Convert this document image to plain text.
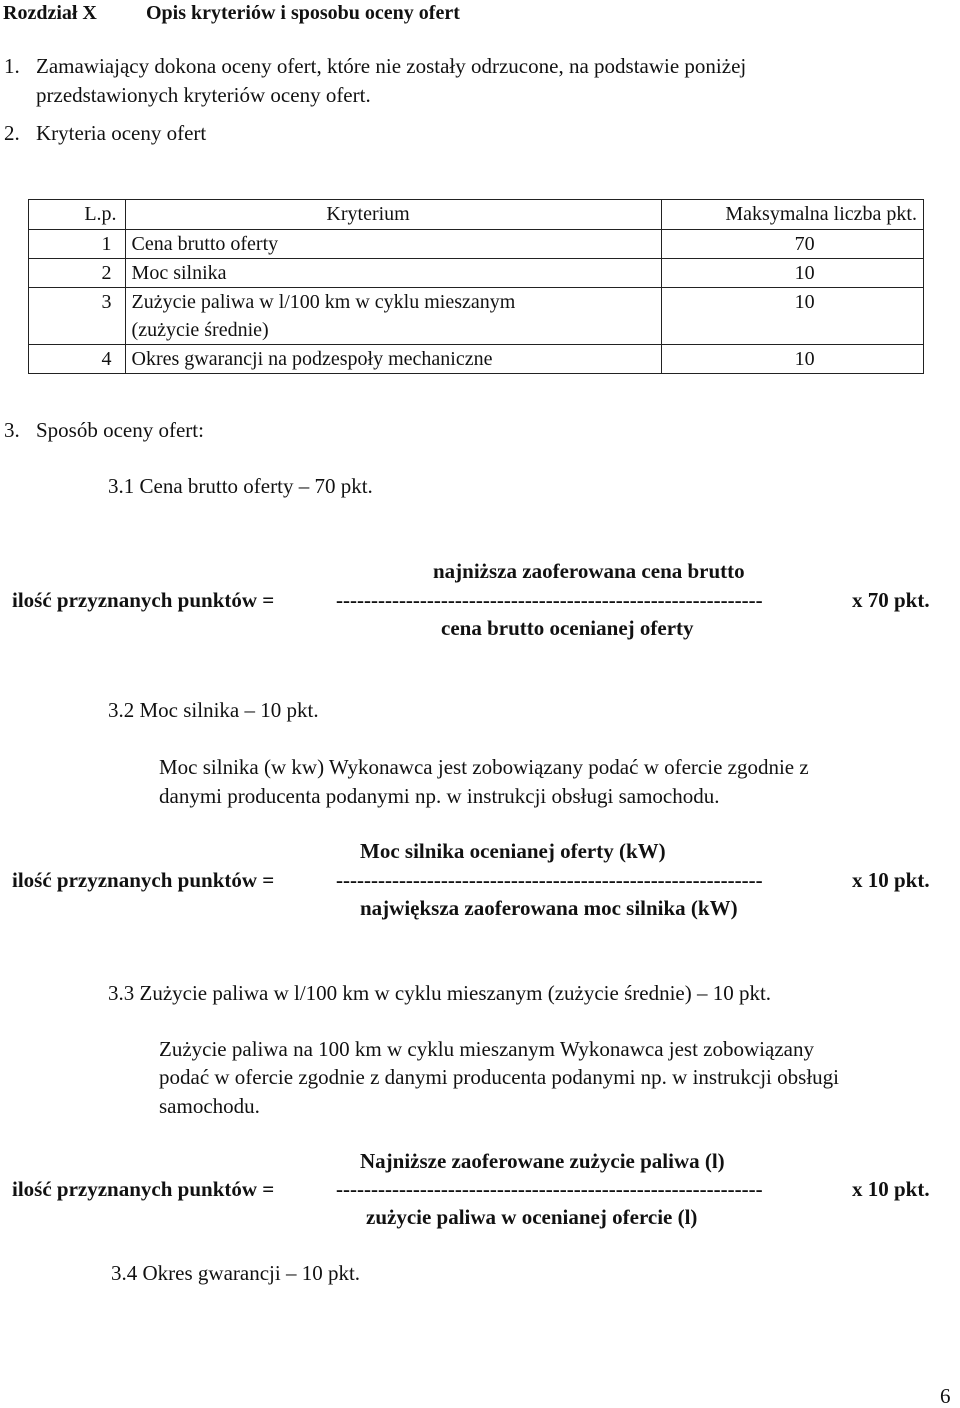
Rozdział X Opis kryteriów i sposobu oceny ofert
1. Zamawiający dokona oceny ofert, które nie zostały odrzucone, na podstawie poniżej
przedstawionych kryteriów oceny ofert.
2. Kryteria oceny ofert
L.p.	Kryterium	Maksymalna liczba pkt.
1	Cena brutto oferty	70
2	Moc silnika	10
3	Zużycie paliwa w l/100 km w cyklu mieszanym
(zużycie średnie)	10
4	Okres gwarancji na podzespoły mechaniczne	10
3. Sposób oceny ofert:
3.1 Cena brutto oferty – 70 pkt.
najniższa zaoferowana cena brutto
ilość przyznanych punktów =	-------------------------------------------------------------	x 70 pkt.
cena brutto ocenianej oferty
3.2 Moc silnika – 10 pkt.
Moc silnika (w kw) Wykonawca jest zobowiązany podać w ofercie zgodnie z
danymi producenta podanymi np. w instrukcji obsługi samochodu.
Moc silnika ocenianej oferty (kW)
ilość przyznanych punktów =	-------------------------------------------------------------	x 10 pkt.
największa zaoferowana moc silnika (kW)
3.3 Zużycie paliwa w l/100 km w cyklu mieszanym (zużycie średnie) – 10 pkt.
Zużycie paliwa na 100 km w cyklu mieszanym Wykonawca jest zobowiązany
podać w ofercie zgodnie z danymi producenta podanymi np. w instrukcji obsługi
samochodu.
Najniższe zaoferowane zużycie paliwa (l)
ilość przyznanych punktów =	-------------------------------------------------------------	x 10 pkt.
zużycie paliwa w ocenianej ofercie (l)
3.4 Okres gwarancji – 10 pkt.
6
